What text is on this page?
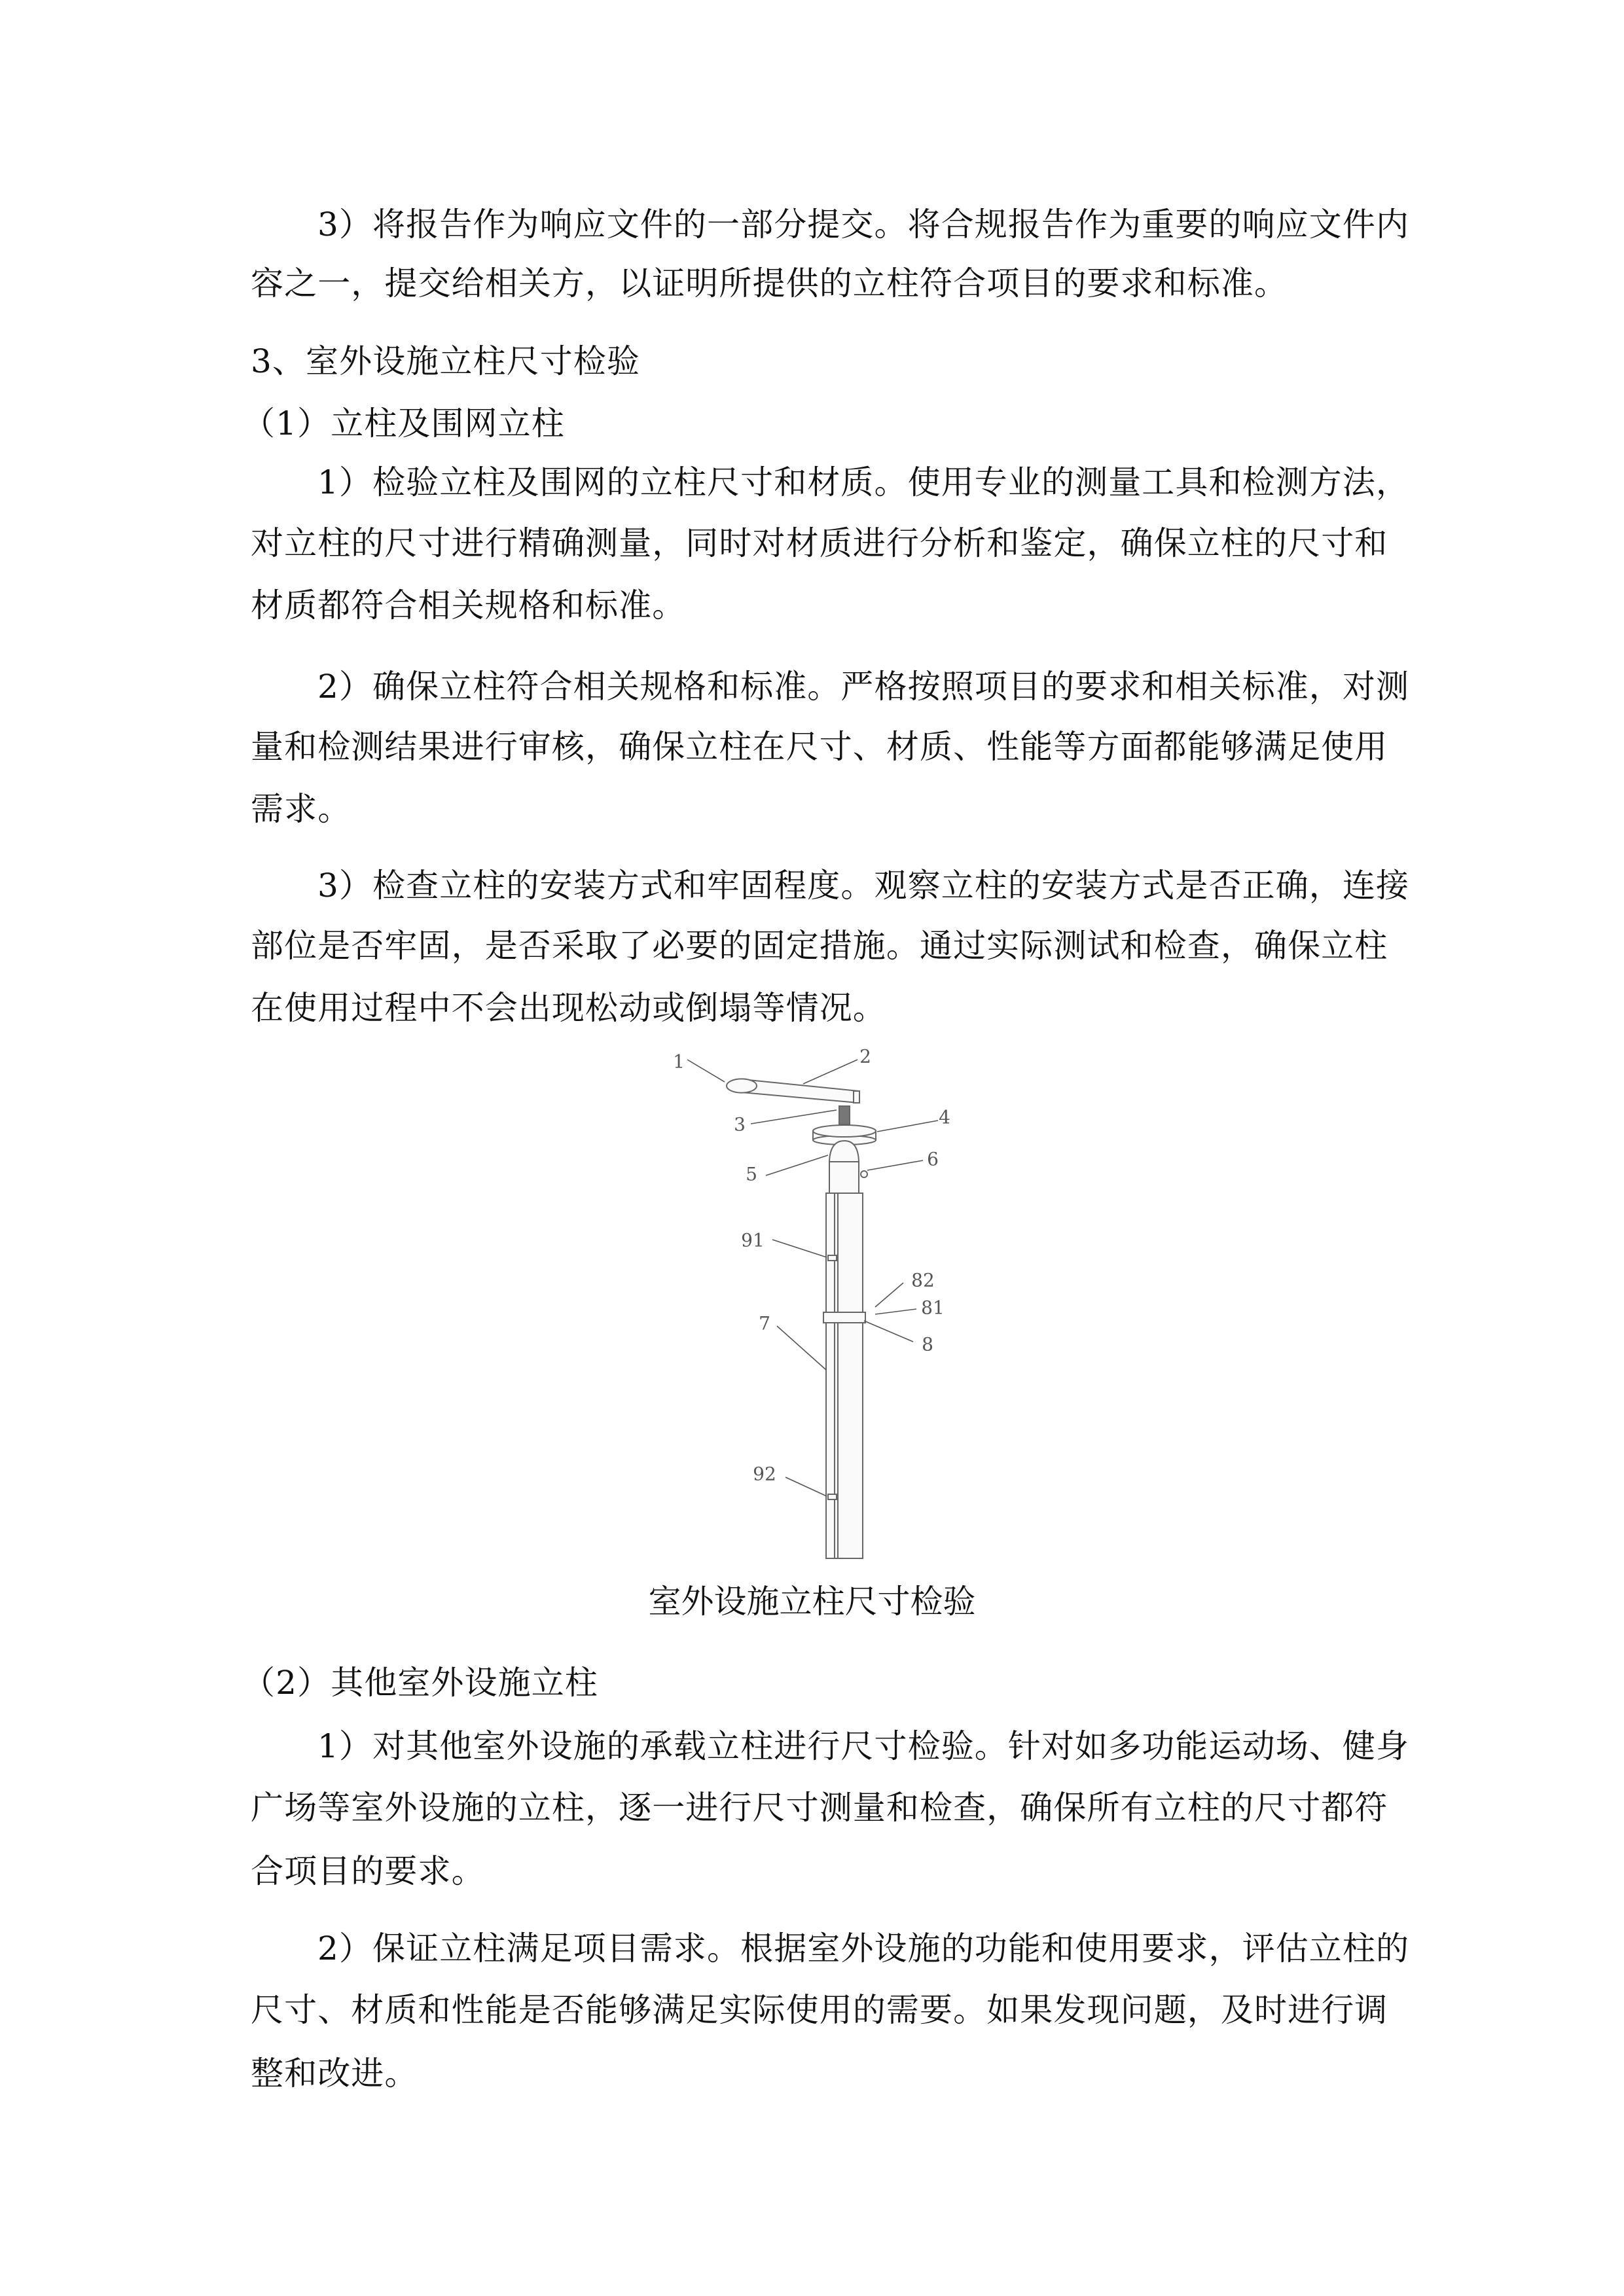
3）将报告作为响应文件的一部分提交。将合规报告作为重要的响应文件内
容之一，提交给相关方，以证明所提供的立柱符合项目的要求和标准。
3、室外设施立柱尺寸检验
（1）立柱及围网立柱
1）检验立柱及围网的立柱尺寸和材质。使用专业的测量工具和检测方法，
对立柱的尺寸进行精确测量，同时对材质进行分析和鉴定，确保立柱的尺寸和
材质都符合相关规格和标准。
2）确保立柱符合相关规格和标准。严格按照项目的要求和相关标准，对测
量和检测结果进行审核，确保立柱在尺寸、材质、性能等方面都能够满足使用
需求。
3）检查立柱的安装方式和牢固程度。观察立柱的安装方式是否正确，连接
部位是否牢固，是否采取了必要的固定措施。通过实际测试和检查，确保立柱
在使用过程中不会出现松动或倒塌等情况。
1	2
3	4
5
6
91
82
81
8
7
92
室外设施立柱尺寸检验
（2）其他室外设施立柱
1）对其他室外设施的承载立柱进行尺寸检验。针对如多功能运动场、健身
广场等室外设施的立柱，逐一进行尺寸测量和检查，确保所有立柱的尺寸都符
合项目的要求。
2）保证立柱满足项目需求。根据室外设施的功能和使用要求，评估立柱的
尺寸、材质和性能是否能够满足实际使用的需要。如果发现问题，及时进行调
整和改进。
